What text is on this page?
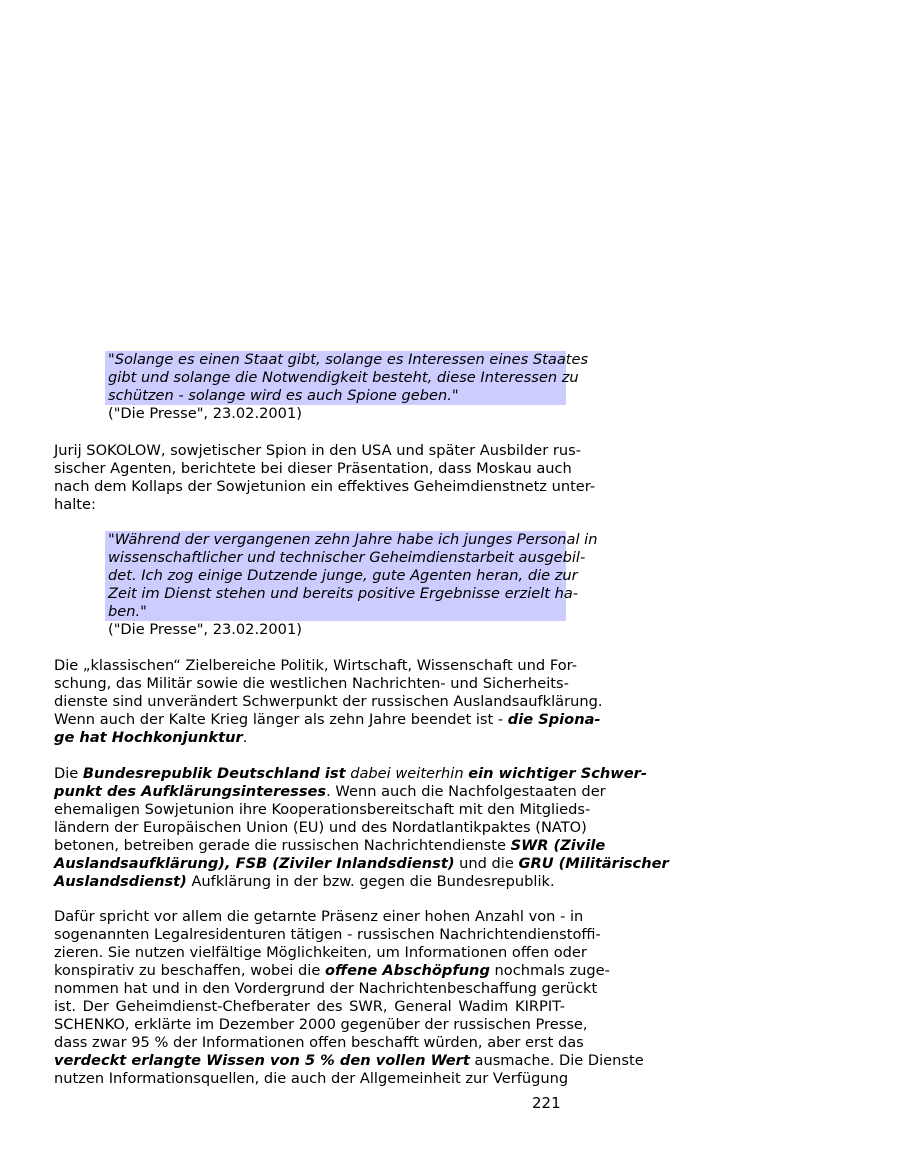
"Solange es einen Staat gibt, solange es Interessen eines Staates
gibt und solange die Notwendigkeit besteht, diese Interessen zu
schützen - solange wird es auch Spione geben."
("Die Presse", 23.02.2001)
Jurij SOKOLOW, sowjetischer Spion in den USA und später Ausbilder rus-
sischer Agenten, berichtete bei dieser Präsentation, dass Moskau auch
nach dem Kollaps der Sowjetunion ein effektives Geheimdienstnetz unter-
halte:
"Während der vergangenen zehn Jahre habe ich junges Personal in
wissenschaftlicher und technischer Geheimdienstarbeit ausgebil-
det. Ich zog einige Dutzende junge, gute Agenten heran, die zur
Zeit im Dienst stehen und bereits positive Ergebnisse erzielt ha-
ben."
("Die Presse", 23.02.2001)
Die „klassischen“ Zielbereiche Politik, Wirtschaft, Wissenschaft und For-
schung, das Militär sowie die westlichen Nachrichten- und Sicherheits-
dienste sind unverändert Schwerpunkt der russischen Auslandsaufklärung.
Wenn auch der Kalte Krieg länger als zehn Jahre beendet ist - die Spiona-
ge hat Hochkonjunktur.
Die Bundesrepublik Deutschland ist dabei weiterhin ein wichtiger Schwer-
punkt des Aufklärungsinteresses. Wenn auch die Nachfolgestaaten der
ehemaligen Sowjetunion ihre Kooperationsbereitschaft mit den Mitglieds-
ländern der Europäischen Union (EU) und des Nordatlantikpaktes (NATO)
betonen, betreiben gerade die russischen Nachrichtendienste SWR (Zivile
Auslandsaufklärung), FSB (Ziviler Inlandsdienst) und die GRU (Militärischer
Auslandsdienst) Aufklärung in der bzw. gegen die Bundesrepublik.
Dafür spricht vor allem die getarnte Präsenz einer hohen Anzahl von - in
sogenannten Legalresidenturen tätigen - russischen Nachrichtendienstoffi-
zieren. Sie nutzen vielfältige Möglichkeiten, um Informationen offen oder
konspirativ zu beschaffen, wobei die offene Abschöpfung nochmals zuge-
nommen hat und in den Vordergrund der Nachrichtenbeschaffung gerückt
ist. Der Geheimdienst-Chefberater des SWR, General Wadim KIRPIT-
SCHENKO, erklärte im Dezember 2000 gegenüber der russischen Presse,
dass zwar 95 % der Informationen offen beschafft würden, aber erst das
verdeckt erlangte Wissen von 5 % den vollen Wert ausmache. Die Dienste
nutzen Informationsquellen, die auch der Allgemeinheit zur Verfügung
221
